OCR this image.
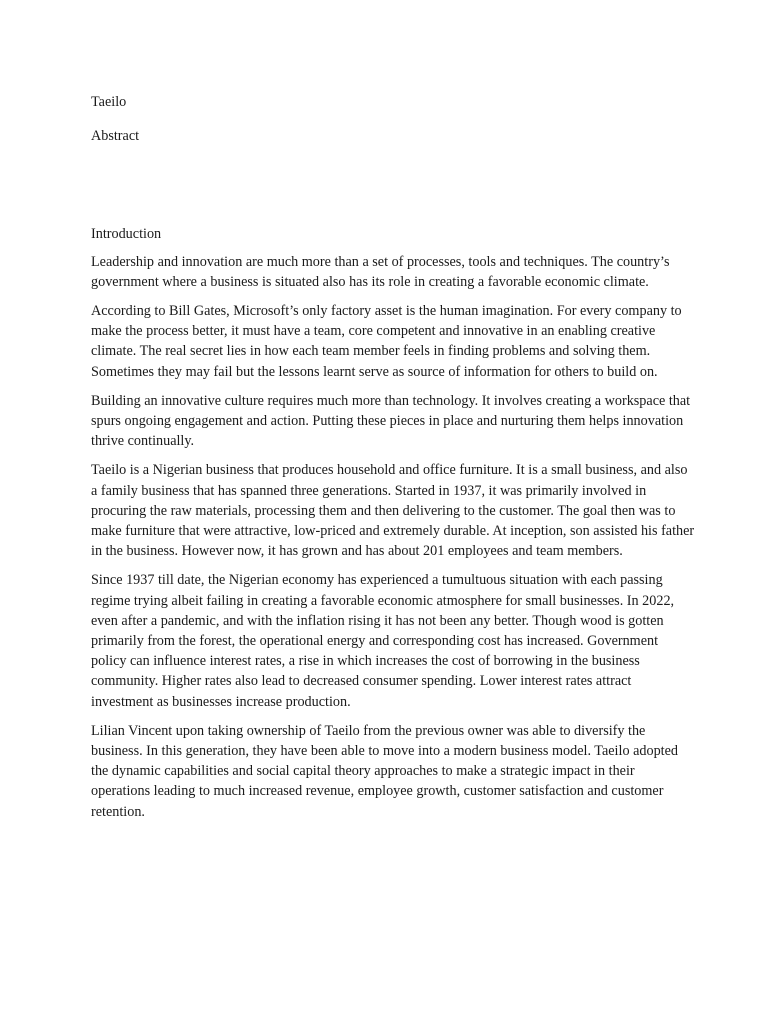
Taeilo
Abstract
Introduction

Leadership and innovation are much more than a set of processes, tools and techniques. The country’s government where a business is situated also has its role in creating a favorable economic climate.

According to Bill Gates, Microsoft’s only factory asset is the human imagination. For every company to make the process better, it must have a team, core competent and innovative in an enabling creative climate. The real secret lies in how each team member feels in finding problems and solving them. Sometimes they may fail but the lessons learnt serve as source of information for others to build on.

Building an innovative culture requires much more than technology. It involves creating a workspace that spurs ongoing engagement and action. Putting these pieces in place and nurturing them helps innovation thrive continually.

Taeilo is a Nigerian business that produces household and office furniture. It is a small business, and also a family business that has spanned three generations. Started in 1937, it was primarily involved in procuring the raw materials, processing them and then delivering to the customer. The goal then was to make furniture that were attractive, low-priced and extremely durable. At inception, son assisted his father in the business. However now, it has grown and has about 201 employees and team members.

Since 1937 till date, the Nigerian economy has experienced a tumultuous situation with each passing regime trying albeit failing in creating a favorable economic atmosphere for small businesses. In 2022, even after a pandemic, and with the inflation rising it has not been any better. Though wood is gotten primarily from the forest, the operational energy and corresponding cost has increased. Government policy can influence interest rates, a rise in which increases the cost of borrowing in the business community. Higher rates also lead to decreased consumer spending. Lower interest rates attract investment as businesses increase production.

Lilian Vincent upon taking ownership of Taeilo from the previous owner was able to diversify the business. In this generation, they have been able to move into a modern business model. Taeilo adopted the dynamic capabilities and social capital theory approaches to make a strategic impact in their operations leading to much increased revenue, employee growth, customer satisfaction and customer retention.
